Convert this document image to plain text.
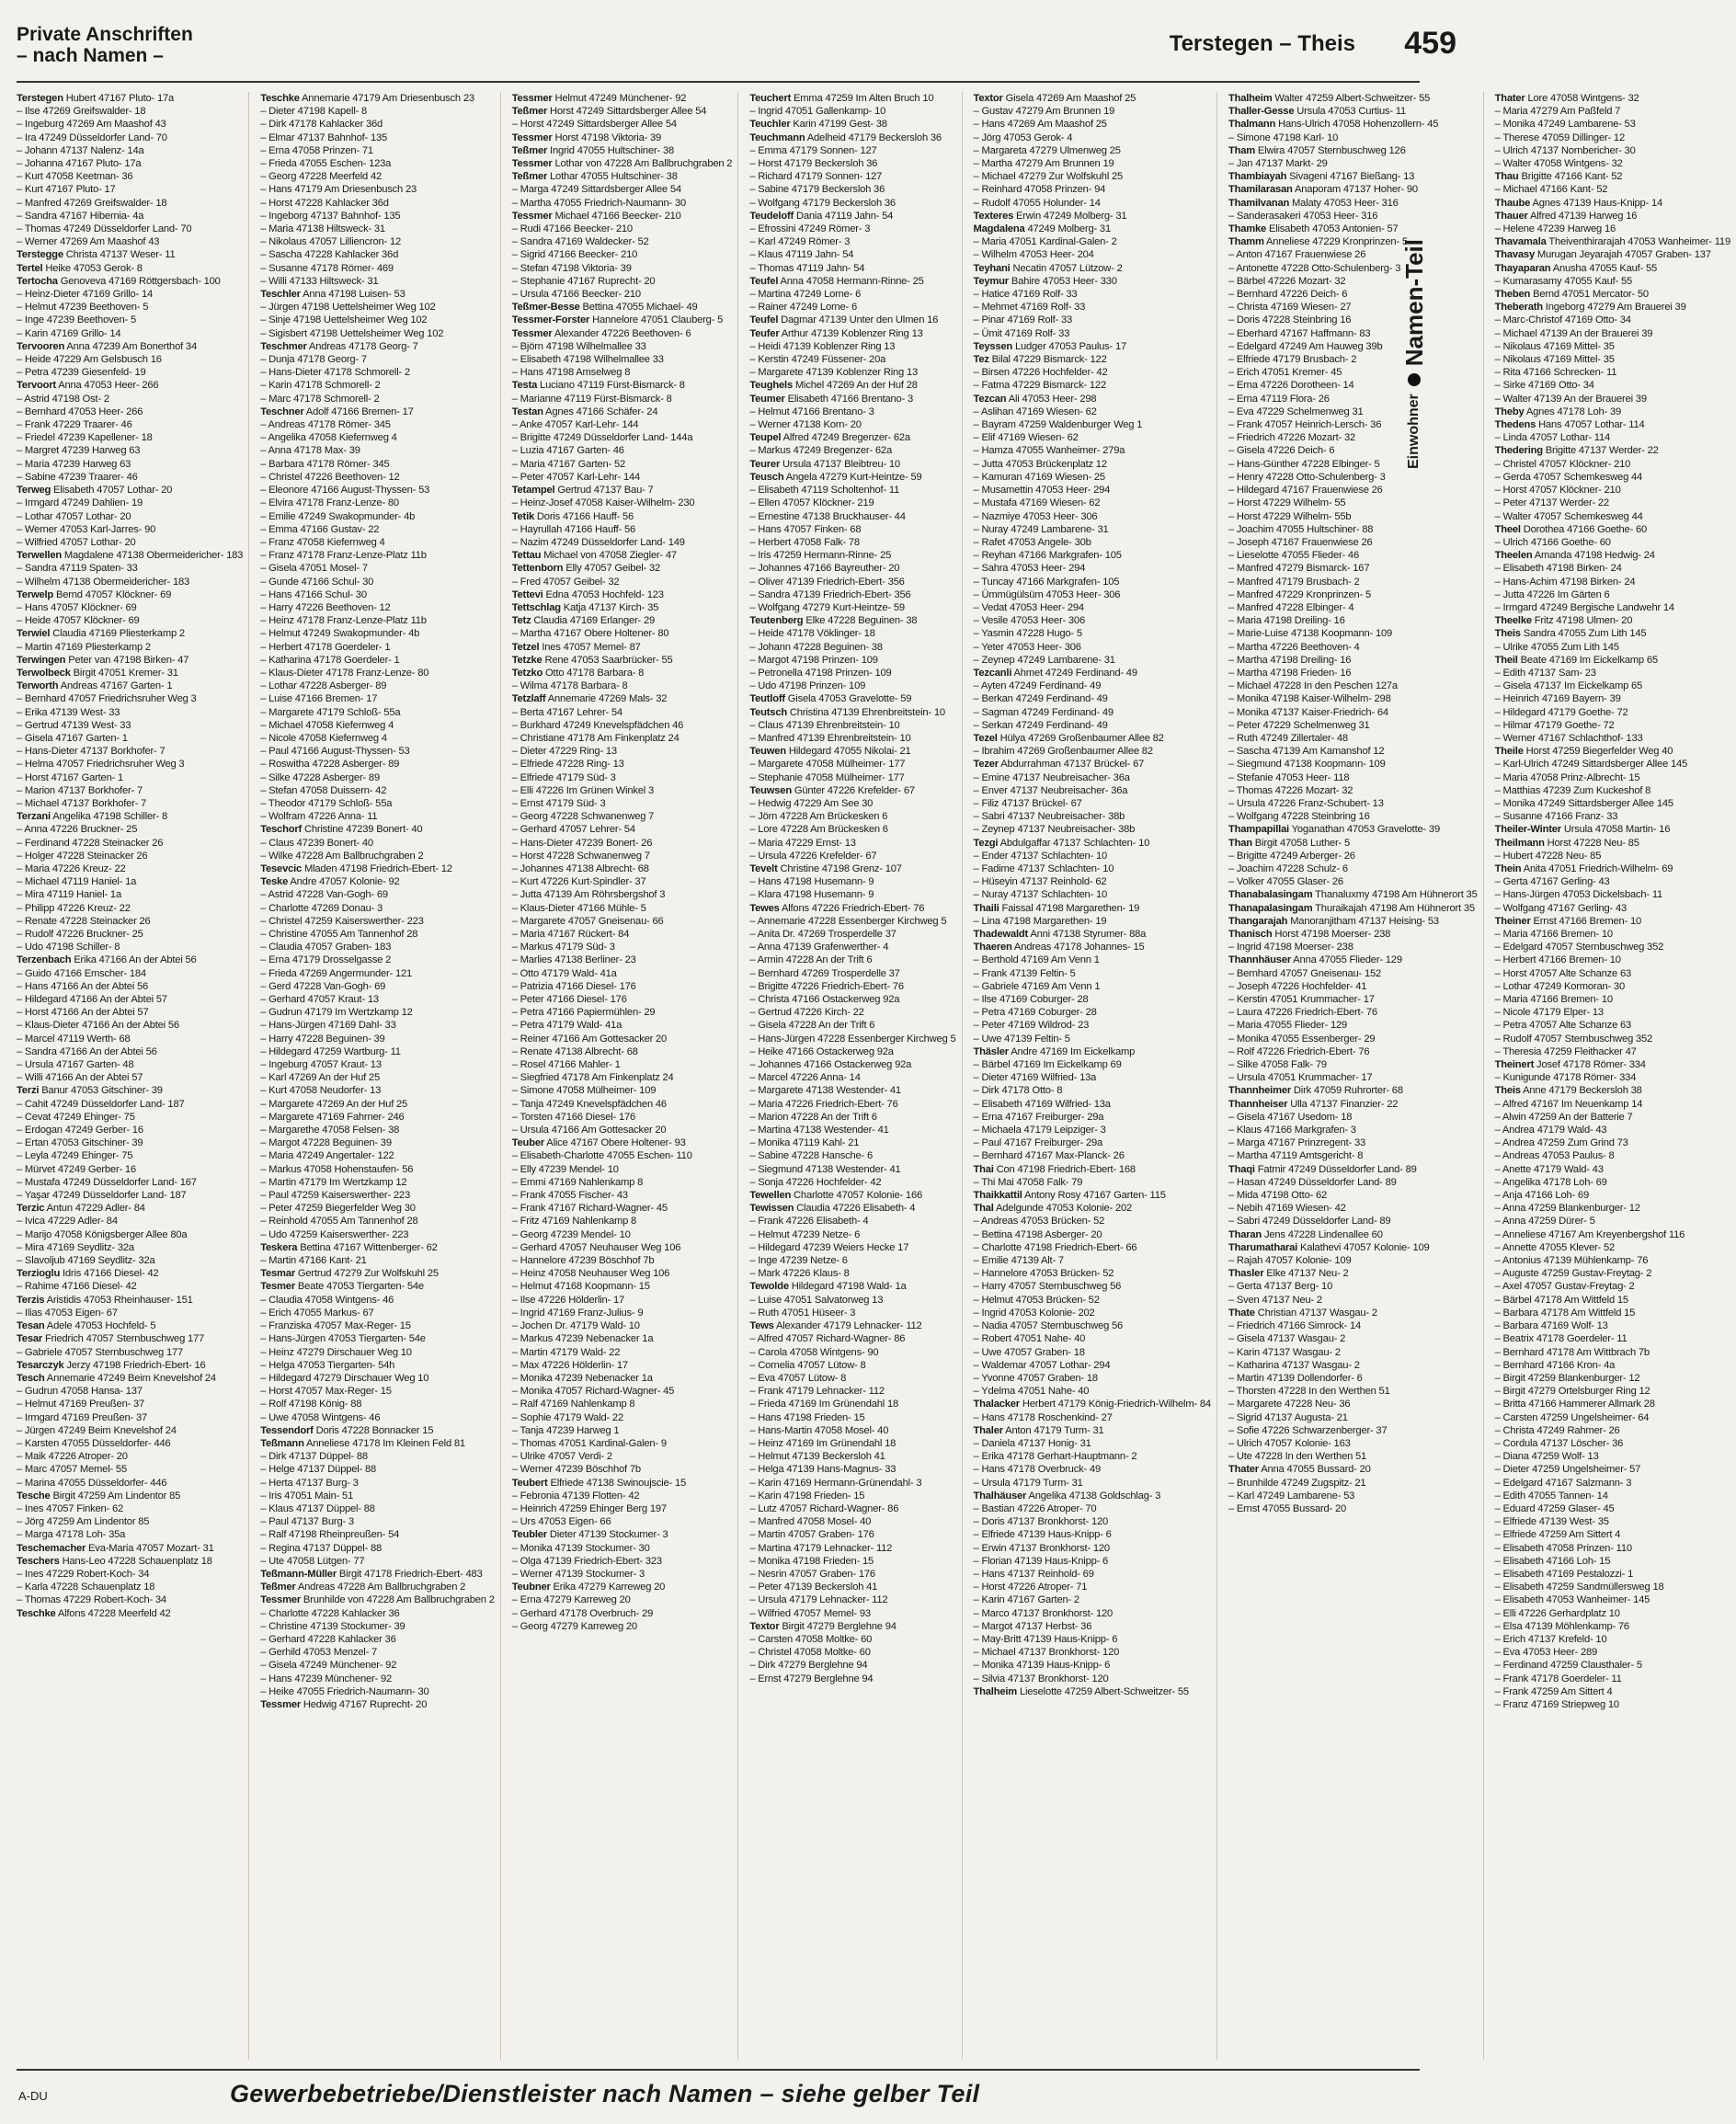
Private Anschriften
– nach Namen –	Terstegen – Theis 459
Terstegen Hubert 47167 Pluto- 17a
– Ilse 47269 Greifswalder- 18
– Ingeburg 47269 Am Maashof 43
– Ira 47249 Düsseldorfer Land- 70
– Johann 47137 Nalenz- 14a
– Johanna 47167 Pluto- 17a
– Kurt 47058 Keetman- 36
– Kurt 47167 Pluto- 17
– Manfred 47269 Greifswalder- 18
– Sandra 47167 Hibernia- 4a
– Thomas 47249 Düsseldorfer Land- 70
– Werner 47269 Am Maashof 43
Terstegge Christa 47137 Weser- 11
Tertel Heike 47053 Gerok- 8
Tertocha Genoveva 47169 Röttgersbach- 100
– Heinz-Dieter 47169 Grillo- 14
– Helmut 47239 Beethoven- 5
– Inge 47239 Beethoven- 5
– Karin 47169 Grillo- 14
Tervooren Anna 47239 Am Bonerthof 34
– Heide 47229 Am Gelsbusch 16
– Petra 47239 Giesenfeld- 19
Tervoort Anna 47053 Heer- 266
– Astrid 47198 Ost- 2
– Bernhard 47053 Heer- 266
– Frank 47229 Traarer- 46
– Friedel 47239 Kapellener- 18
– Margret 47239 Harweg 63
– Maria 47239 Harweg 63
– Sabine 47239 Traarer- 46
Terweg Elisabeth 47057 Lothar- 20
– Irmgard 47249 Dahlien- 19
– Lothar 47057 Lothar- 20
– Werner 47053 Karl-Jarres- 90
– Wilfried 47057 Lothar- 20
Terwellen Magdalene 47138 Obermeidericher- 183
– Sandra 47119 Spaten- 33
– Wilhelm 47138 Obermeidericher- 183
Terwelp Bernd 47057 Klöckner- 69
– Hans 47057 Klöckner- 69
– Heide 47057 Klöckner- 69
Terwiel Claudia 47169 Pliesterkamp 2
– Martin 47169 Pliesterkamp 2
Terwingen Peter van 47198 Birken- 47
Terwolbeck Birgit 47051 Kremer- 31
Terworth Andreas 47167 Garten- 1
– Bernhard 47057 Friedrichsruher Weg 3
– Erika 47139 West- 33
– Gertrud 47139 West- 33
– Gisela 47167 Garten- 1
– Hans-Dieter 47137 Borkhofer- 7
– Helma 47057 Friedrichsruher Weg 3
– Horst 47167 Garten- 1
– Marion 47137 Borkhofer- 7
– Michael 47137 Borkhofer- 7
Terzani Angelika 47198 Schiller- 8
– Anna 47226 Bruckner- 25
– Ferdinand 47228 Steinacker 26
– Holger 47228 Steinacker 26
– Maria 47226 Kreuz- 22
– Michael 47119 Haniel- 1a
– Mira 47119 Haniel- 1a
– Philipp 47226 Kreuz- 22
– Renate 47228 Steinacker 26
– Rudolf 47226 Bruckner- 25
– Udo 47198 Schiller- 8
Terzenbach Erika 47166 An der Abtei 56
– Guido 47166 Emscher- 184
– Hans 47166 An der Abtei 56
– Hildegard 47166 An der Abtei 57
– Horst 47166 An der Abtei 57
– Klaus-Dieter 47166 An der Abtei 56
– Marcel 47119 Werth- 68
– Sandra 47166 An der Abtei 56
– Ursula 47167 Garten- 48
– Willi 47166 An der Abtei 57
Terzi Banur 47053 Gitschiner- 39
– Cahit 47249 Düsseldorfer Land- 187
– Cevat 47249 Ehinger- 75
– Erdogan 47249 Gerber- 16
– Ertan 47053 Gitschiner- 39
– Leyla 47249 Ehinger- 75
– Mürvet 47249 Gerber- 16
– Mustafa 47249 Düsseldorfer Land- 167
– Yaşar 47249 Düsseldorfer Land- 187
Terzic Antun 47229 Adler- 84
– Ivica 47229 Adler- 84
– Marijo 47058 Königsberger Allee 80a
– Mira 47169 Seydlitz- 32a
– Slavoljub 47169 Seydlitz- 32a
Terzioglu Idris 47166 Diesel- 42
– Rahime 47166 Diesel- 42
Terzis Aristidis 47053 Rheinhauser- 151
– Ilias 47053 Eigen- 67
Tesan Adele 47053 Hochfeld- 5
Tesar Friedrich 47057 Sternbuschweg 177
– Gabriele 47057 Sternbuschweg 177
Tesarczyk Jerzy 47198 Friedrich-Ebert- 16
Tesch Annemarie 47249 Beim Knevelshof 24
– Gudrun 47058 Hansa- 137
– Helmut 47169 Preußen- 37
– Irmgard 47169 Preußen- 37
– Jürgen 47249 Beim Knevelshof 24
– Karsten 47055 Düsseldorfer- 446
– Maik 47226 Atroper- 20
– Marc 47057 Memel- 55
– Marina 47055 Düsseldorfer- 446
Tesche Birgit 47259 Am Lindentor 85
– Ines 47057 Finken- 62
– Jörg 47259 Am Lindentor 85
– Marga 47178 Loh- 35a
Teschemacher Eva-Maria 47057 Mozart- 31
Teschers Hans-Leo 47228 Schauenplatz 18
– Ines 47229 Robert-Koch- 34
– Karla 47228 Schauenplatz 18
– Thomas 47229 Robert-Koch- 34
Teschke Alfons 47228 Meerfeld 42
Teschke Annemarie 47179 Am Driesenbusch 23
– Dieter 47198 Kapell- 8
– Dirk 47178 Kahlacker 36d
– Elmar 47137 Bahnhof- 135
– Erna 47058 Prinzen- 71
– Frieda 47055 Eschen- 123a
– Georg 47228 Meerfeld 42
– Hans 47179 Am Driesenbusch 23
– Horst 47228 Kahlacker 36d
– Ingeborg 47137 Bahnhof- 135
– Maria 47138 Hiltsweck- 31
– Nikolaus 47057 Lilliencron- 12
– Sascha 47228 Kahlacker 36d
– Susanne 47178 Römer- 469
– Willi 47133 Hiltsweck- 31
Teschler Anna 47198 Luisen- 53
– Jürgen 47198 Uettelsheimer Weg 102
– Sinje 47198 Uettelsheimer Weg 102
– Sigisbert 47198 Uettelsheimer Weg 102
Teschmer Andreas 47178 Georg- 7
– Dunja 47178 Georg- 7
– Hans-Dieter 47178 Schmorell- 2
– Karin 47178 Schmorell- 2
– Marc 47178 Schmorell- 2
Teschner Adolf 47166 Bremen- 17
– Andreas 47178 Römer- 345
– Angelika 47058 Kiefernweg 4
– Anna 47178 Max- 39
– Barbara 47178 Römer- 345
– Christel 47226 Beethoven- 12
– Eleonore 47166 August-Thyssen- 53
– Elvira 47178 Franz-Lenze- 80
– Emilie 47249 Swakopmunder- 4b
– Emma 47166 Gustav- 22
– Franz 47058 Kiefernweg 4
– Franz 47178 Franz-Lenze-Platz 11b
– Gisela 47051 Mosel- 7
– Gunde 47166 Schul- 30
– Hans 47166 Schul- 30
– Harry 47226 Beethoven- 12
– Heinz 47178 Franz-Lenze-Platz 11b
– Helmut 47249 Swakopmunder- 4b
– Herbert 47178 Goerdeler- 1
– Katharina 47178 Goerdeler- 1
– Klaus-Dieter 47178 Franz-Lenze- 80
– Lothar 47228 Asberger- 89
– Luise 47166 Bremen- 17
– Margarete 47179 Schloß- 55a
– Michael 47058 Kiefernweg 4
– Nicole 47058 Kiefernweg 4
– Paul 47166 August-Thyssen- 53
– Roswitha 47228 Asberger- 89
– Silke 47228 Asberger- 89
– Stefan 47058 Duissern- 42
– Theodor 47179 Schloß- 55a
– Wolfram 47226 Anna- 11
Teschorf Christine 47239 Bonert- 40
– Claus 47239 Bonert- 40
– Wilke 47228 Am Ballbruchgraben 2
Tesevcic Mladen 47198 Friedrich-Ebert- 12
Teske Andre 47057 Kolonie- 92
– Astrid 47228 Van-Gogh- 69
– Charlotte 47269 Donau- 3
– Christel 47259 Kaiserswerther- 223
– Christine 47055 Am Tannenhof 28
– Claudia 47057 Graben- 183
– Erna 47179 Drosselgasse 2
– Frieda 47269 Angermunder- 121
– Gerd 47228 Van-Gogh- 69
– Gerhard 47057 Kraut- 13
– Gudrun 47179 Im Wertzkamp 12
– Hans-Jürgen 47169 Dahl- 33
– Harry 47228 Beguinen- 39
– Hildegard 47259 Wartburg- 11
– Ingeburg 47057 Kraut- 13
– Karl 47269 An der Huf 25
– Kurt 47058 Neudorfer- 13
– Margarete 47269 An der Huf 25
– Margarete 47169 Fahrner- 246
– Margarethe 47058 Felsen- 38
– Margot 47228 Beguinen- 39
– Maria 47249 Angertaler- 122
– Markus 47058 Hohenstaufen- 56
– Martin 47179 Im Wertzkamp 12
– Paul 47259 Kaiserswerther- 223
– Peter 47259 Biegerfelder Weg 30
– Reinhold 47055 Am Tannenhof 28
– Udo 47259 Kaiserswerther- 223
Teskera Bettina 47167 Wittenberger- 62
– Martin 47166 Kant- 21
Tesmar Gertrud 47279 Zur Wolfskuhl 25
Tesmer Beate 47053 Tiergarten- 54e
– Claudia 47058 Wintgens- 46
– Erich 47055 Markus- 67
– Franziska 47057 Max-Reger- 15
– Hans-Jürgen 47053 Tiergarten- 54e
– Heinz 47279 Dirschauer Weg 10
– Helga 47053 Tiergarten- 54h
– Hildegard 47279 Dirschauer Weg 10
– Horst 47057 Max-Reger- 15
– Rolf 47198 König- 88
– Uwe 47058 Wintgens- 46
Tessendorf Doris 47228 Bonnacker 15
Teßmann Anneliese 47178 Im Kleinen Feld 81
– Dirk 47137 Düppel- 88
– Helge 47137 Düppel- 88
– Herta 47137 Burg- 3
– Iris 47051 Main- 51
– Klaus 47137 Düppel- 88
– Paul 47137 Burg- 3
– Ralf 47198 Rheinpreußen- 54
– Regina 47137 Düppel- 88
– Ute 47058 Lütgen- 77
Teßmann-Müller Birgit 47178 Friedrich-Ebert- 483
Teßmer Andreas 47228 Am Ballbruchgraben 2
Tessmer Brunhilde von 47228 Am Ballbruchgraben 2
– Charlotte 47228 Kahlacker 36
– Christine 47139 Stockumer- 39
– Gerhard 47228 Kahlacker 36
– Gerhild 47053 Menzel- 7
– Gisela 47249 Münchener- 92
– Hans 47239 Münchener- 92
– Heike 47055 Friedrich-Naumann- 30
Tessmer Hedwig 47167 Ruprecht- 20
Tessmer Helmut 47249 Münchener- 92
Teßmer Horst 47249 Sittardsberger Allee 54
– Horst 47249 Sittardsberger Allee 54
Tessmer Horst 47198 Viktoria- 39
Teßmer Ingrid 47055 Hultschiner- 38
Tessmer Lothar von 47228 Am Ballbruchgraben 2
Teßmer Lothar 47055 Hultschiner- 38
– Marga 47249 Sittardsberger Allee 54
– Martha 47055 Friedrich-Naumann- 30
Tessmer Michael 47166 Beecker- 210
– Rudi 47166 Beecker- 210
– Sandra 47169 Waldecker- 52
– Sigrid 47166 Beecker- 210
– Stefan 47198 Viktoria- 39
– Stephanie 47167 Ruprecht- 20
– Ursula 47166 Beecker- 210
Teßmer-Besse Bettina 47055 Michael- 49
Tessmer-Forster Hannelore 47051 Clauberg- 5
Tessmer Alexander 47226 Beethoven- 6
– Björn 47198 Wilhelmallee 33
– Elisabeth 47198 Wilhelmallee 33
– Hans 47198 Amselweg 8
Testa Luciano 47119 Fürst-Bismarck- 8
– Marianne 47119 Fürst-Bismarck- 8
Testan Agnes 47166 Schäfer- 24
– Anke 47057 Karl-Lehr- 144
– Brigitte 47249 Düsseldorfer Land- 144a
– Luzia 47167 Garten- 46
– Maria 47167 Garten- 52
– Peter 47057 Karl-Lehr- 144
Tetampel Gertrud 47137 Bau- 7
– Heinz-Josef 47058 Kaiser-Wilhelm- 230
Tetik Doris 47166 Hauff- 56
– Hayrullah 47166 Hauff- 56
– Nazim 47249 Düsseldorfer Land- 149
Tettau Michael von 47058 Ziegler- 47
Tettenborn Elly 47057 Geibel- 32
– Fred 47057 Geibel- 32
Tettevi Edna 47053 Hochfeld- 123
Tettschlag Katja 47137 Kirch- 35
Tetz Claudia 47169 Erlanger- 29
– Martha 47167 Obere Holtener- 80
Tetzel Ines 47057 Memel- 87
Tetzke Rene 47053 Saarbrücker- 55
Tetzko Otto 47178 Barbara- 8
– Wilma 47178 Barbara- 8
Tetzlaff Annemarie 47269 Mals- 32
– Berta 47167 Lehrer- 54
– Burkhard 47249 Knevelspfädchen 46
– Christiane 47178 Am Finkenplatz 24
– Dieter 47229 Ring- 13
– Elfriede 47228 Ring- 13
– Elfriede 47179 Süd- 3
– Elli 47226 Im Grünen Winkel 3
– Ernst 47179 Süd- 3
– Georg 47228 Schwanenweg 7
– Gerhard 47057 Lehrer- 54
– Hans-Dieter 47239 Bonert- 26
– Horst 47228 Schwanenweg 7
– Johannes 47138 Albrecht- 68
– Kurt 47226 Kurt-Spindler- 37
– Jutta 47139 Am Röhrsbergshof 3
– Klaus-Dieter 47166 Mühle- 5
– Margarete 47057 Gneisenau- 66
– Maria 47167 Rückert- 84
– Markus 47179 Süd- 3
– Marlies 47138 Berliner- 23
– Otto 47179 Wald- 41a
– Patrizia 47166 Diesel- 176
– Peter 47166 Diesel- 176
– Petra 47166 Papiermühlen- 29
– Petra 47179 Wald- 41a
– Reiner 47166 Am Gottesacker 20
– Renate 47138 Albrecht- 68
– Rosel 47166 Mahler- 1
– Siegfried 47178 Am Finkenplatz 24
– Simone 47058 Mülheimer- 109
– Tanja 47249 Knevelspfädchen 46
– Torsten 47166 Diesel- 176
– Ursula 47166 Am Gottesacker 20
Teuber Alice 47167 Obere Holtener- 93
– Elisabeth-Charlotte 47055 Eschen- 110
– Elly 47239 Mendel- 10
– Emmi 47169 Nahlenkamp 8
– Frank 47055 Fischer- 43
– Frank 47167 Richard-Wagner- 45
– Fritz 47169 Nahlenkamp 8
– Georg 47239 Mendel- 10
– Gerhard 47057 Neuhauser Weg 106
– Hannelore 47239 Böschhof 7b
– Heinz 47058 Neuhauser Weg 106
– Helmut 47168 Koopmann- 15
– Ilse 47226 Hölderlin- 17
– Ingrid 47169 Franz-Julius- 9
– Jochen Dr. 47179 Wald- 10
– Markus 47239 Nebenacker 1a
– Martin 47179 Wald- 22
– Max 47226 Hölderlin- 17
– Monika 47239 Nebenacker 1a
– Monika 47057 Richard-Wagner- 45
– Ralf 47169 Nahlenkamp 8
– Sophie 47179 Wald- 22
– Tanja 47239 Harweg 1
– Thomas 47051 Kardinal-Galen- 9
– Ulrike 47057 Verdi- 2
– Werner 47239 Böschhof 7b
Teubert Elfriede 47138 Swinoujscie- 15
– Febronia 47139 Flotten- 42
– Heinrich 47259 Ehinger Berg 197
– Urs 47053 Eigen- 66
Teubler Dieter 47139 Stockumer- 3
– Monika 47139 Stockumer- 30
– Olga 47139 Friedrich-Ebert- 323
– Werner 47139 Stockumer- 3
Teubner Erika 47279 Karreweg 20
– Erna 47279 Karreweg 20
– Gerhard 47178 Overbruch- 29
– Georg 47279 Karreweg 20
Teuchert Emma 47259 Im Alten Bruch 10
– Ingrid 47051 Gallenkamp- 10
Teuchler Karin 47199 Gest- 38
Teuchmann Adelheid 47179 Beckersloh 36
– Emma 47179 Sonnen- 127
– Horst 47179 Beckersloh 36
– Richard 47179 Sonnen- 127
– Sabine 47179 Beckersloh 36
– Wolfgang 47179 Beckersloh 36
Teudeloff Dania 47119 Jahn- 54
– Efrossini 47249 Römer- 3
– Karl 47249 Römer- 3
– Klaus 47119 Jahn- 54
– Thomas 47119 Jahn- 54
Teufel Anna 47058 Hermann-Rinne- 25
– Martina 47249 Lorne- 6
– Rainer 47249 Lorne- 6
Teufel Dagmar 47139 Unter den Ulmen 16
Teufer Arthur 47139 Koblenzer Ring 13
– Heidi 47139 Koblenzer Ring 13
– Kerstin 47249 Füssener- 20a
– Margarete 47139 Koblenzer Ring 13
Teughels Michel 47269 An der Huf 28
Teumer Elisabeth 47166 Brentano- 3
– Helmut 47166 Brentano- 3
– Werner 47138 Korn- 20
Teupel Alfred 47249 Bregenzer- 62a
– Markus 47249 Bregenzer- 62a
Teurer Ursula 47137 Bleibtreu- 10
Teusch Angela 47279 Kurt-Heintze- 59
– Elisabeth 47119 Scholtenhof- 11
– Ellen 47057 Klöckner- 219
– Ernestine 47138 Bruckhauser- 44
– Hans 47057 Finken- 68
– Herbert 47058 Falk- 78
– Iris 47259 Hermann-Rinne- 25
– Johannes 47166 Bayreuther- 20
– Oliver 47139 Friedrich-Ebert- 356
– Sandra 47139 Friedrich-Ebert- 356
– Wolfgang 47279 Kurt-Heintze- 59
Teutenberg Elke 47228 Beguinen- 38
– Heide 47178 Vöklinger- 18
– Johann 47228 Beguinen- 38
– Margot 47198 Prinzen- 109
– Petronella 47198 Prinzen- 109
– Udo 47198 Prinzen- 109
Teutloff Gisela 47053 Gravelotte- 59
Teutsch Christina 47139 Ehrenbreitstein- 10
– Claus 47139 Ehrenbreitstein- 10
– Manfred 47139 Ehrenbreitstein- 10
Teuwen Hildegard 47055 Nikolai- 21
– Margarete 47058 Mülheimer- 177
– Stephanie 47058 Mülheimer- 177
Teuwsen Günter 47226 Krefelder- 67
– Hedwig 47229 Am See 30
– Jörn 47228 Am Brückesken 6
– Lore 47228 Am Brückesken 6
– Maria 47229 Ernst- 13
– Ursula 47226 Krefelder- 67
Tevelt Christine 47198 Grenz- 107
– Hans 47198 Husemann- 9
– Klara 47198 Husemann- 9
Tewes Alfons 47226 Friedrich-Ebert- 76
– Annemarie 47228 Essenberger Kirchweg 5
– Anita Dr. 47269 Trosperdelle 37
– Anna 47139 Grafenwerther- 4
– Armin 47228 An der Trift 6
– Bernhard 47269 Trosperdelle 37
– Brigitte 47226 Friedrich-Ebert- 76
– Christa 47166 Ostackerweg 92a
– Gertrud 47226 Kirch- 22
– Gisela 47228 An der Trift 6
– Hans-Jürgen 47228 Essenberger Kirchweg 5
– Heike 47166 Ostackerweg 92a
– Johannes 47166 Ostackerweg 92a
– Marcel 47226 Anna- 14
– Margarete 47138 Westender- 41
– Maria 47226 Friedrich-Ebert- 76
– Marion 47228 An der Trift 6
– Martina 47138 Westender- 41
– Monika 47119 Kahl- 21
– Sabine 47228 Hansche- 6
– Siegmund 47138 Westender- 41
– Sonja 47226 Hochfelder- 42
Tewellen Charlotte 47057 Kolonie- 166
Tewissen Claudia 47226 Elisabeth- 4
– Frank 47226 Elisabeth- 4
– Helmut 47239 Netze- 6
– Hildegard 47239 Weiers Hecke 17
– Inge 47239 Netze- 6
– Mark 47226 Klaus- 8
Tewolde Hildegard 47198 Wald- 1a
– Luise 47051 Salvatorweg 13
– Ruth 47051 Hüseer- 3
Tews Alexander 47179 Lehnacker- 112
– Alfred 47057 Richard-Wagner- 86
– Carola 47058 Wintgens- 90
– Cornelia 47057 Lütow- 8
– Eva 47057 Lütow- 8
– Frank 47179 Lehnacker- 112
– Frieda 47169 Im Grünendahl 18
– Hans 47198 Frieden- 15
– Hans-Martin 47058 Mosel- 40
– Heinz 47169 Im Grünendahl 18
– Helmut 47139 Beckersloh 41
– Helga 47139 Hans-Magnus- 33
– Karin 47169 Hermann-Grünendahl- 3
– Karin 47198 Frieden- 15
– Lutz 47057 Richard-Wagner- 86
– Manfred 47058 Mosel- 40
– Martin 47057 Graben- 176
– Martina 47179 Lehnacker- 112
– Monika 47198 Frieden- 15
– Nesrin 47057 Graben- 176
– Peter 47139 Beckersloh 41
– Ursula 47179 Lehnacker- 112
– Wilfried 47057 Memel- 93
Textor Birgit 47279 Berglehne 94
– Carsten 47058 Moltke- 60
– Christel 47058 Moltke- 60
– Dirk 47279 Berglehne 94
– Ernst 47279 Berglehne 94
Textor Gisela 47269 Am Maashof 25
– Gustav 47279 Am Brunnen 19
– Hans 47269 Am Maashof 25
– Jörg 47053 Gerok- 4
– Margareta 47279 Ulmenweg 25
– Martha 47279 Am Brunnen 19
– Michael 47279 Zur Wolfskuhl 25
– Reinhard 47058 Prinzen- 94
– Rudolf 47055 Holunder- 14
Texteres Erwin 47249 Molberg- 31
Magdalena 47249 Molberg- 31
– Maria 47051 Kardinal-Galen- 2
– Wilhelm 47053 Heer- 204
Teyhani Necatin 47057 Lützow- 2
Teymur Bahire 47053 Heer- 330
– Hatice 47169 Rolf- 33
– Mehmet 47169 Rolf- 33
– Pinar 47169 Rolf- 33
– Ümit 47169 Rolf- 33
Teyssen Ludger 47053 Paulus- 17
Tez Bilal 47229 Bismarck- 122
– Birsen 47226 Hochfelder- 42
– Fatma 47229 Bismarck- 122
Tezcan Ali 47053 Heer- 298
– Aslihan 47169 Wiesen- 62
– Bayram 47259 Waldenburger Weg 1
– Elif 47169 Wiesen- 62
– Hamza 47055 Wanheimer- 279a
– Jutta 47053 Brückenplatz 12
– Kamuran 47169 Wiesen- 25
– Musamettin 47053 Heer- 294
– Mustafa 47169 Wiesen- 62
– Nazmiye 47053 Heer- 306
– Nuray 47249 Lambarene- 31
– Rafet 47053 Angele- 30b
– Reyhan 47166 Markgrafen- 105
– Sahra 47053 Heer- 294
– Tuncay 47166 Markgrafen- 105
– Ümmügülsüm 47053 Heer- 306
– Vedat 47053 Heer- 294
– Vesile 47053 Heer- 306
– Yasmin 47228 Hugo- 5
– Yeter 47053 Heer- 306
– Zeynep 47249 Lambarene- 31
Tezcanli Ahmet 47249 Ferdinand- 49
– Ayten 47249 Ferdinand- 49
– Berkan 47249 Ferdinand- 49
– Sagman 47249 Ferdinand- 49
– Serkan 47249 Ferdinand- 49
Tezel Hülya 47269 Großenbaumer Allee 82
– Ibrahim 47269 Großenbaumer Allee 82
Tezer Abdurrahman 47137 Brückel- 67
– Emine 47137 Neubreisacher- 36a
– Enver 47137 Neubreisacher- 36a
– Filiz 47137 Brückel- 67
– Sabri 47137 Neubreisacher- 38b
– Zeynep 47137 Neubreisacher- 38b
Tezgi Abdulgaffar 47137 Schlachten- 10
– Ender 47137 Schlachten- 10
– Fadime 47137 Schlachten- 10
– Hüseyin 47137 Reinhold- 62
– Nuray 47137 Schlachten- 10
Thaili Faissal 47198 Margarethen- 19
– Lina 47198 Margarethen- 19
Thadewaldt Anni 47138 Styrumer- 88a
Thaeren Andreas 47178 Johannes- 15
– Berthold 47169 Am Venn 1
– Frank 47139 Feltin- 5
– Gabriele 47169 Am Venn 1
– Ilse 47169 Coburger- 28
– Petra 47169 Coburger- 28
– Peter 47169 Wildrod- 23
– Uwe 47139 Feltin- 5
Thäsler Andre 47169 Im Eickelkamp
– Bärbel 47169 Im Eickelkamp 69
– Dieter 47169 Wilfried- 13a
– Dirk 47178 Otto- 8
– Elisabeth 47169 Wilfried- 13a
– Erna 47167 Freiburger- 29a
– Michaela 47179 Leipziger- 3
– Paul 47167 Freiburger- 29a
– Bernhard 47167 Max-Planck- 26
Thai Con 47198 Friedrich-Ebert- 168
– Thi Mai 47058 Falk- 79
Thaikkattil Antony Rosy 47167 Garten- 115
Thal Adelgunde 47053 Kolonie- 202
– Andreas 47053 Brücken- 52
– Bettina 47198 Asberger- 20
– Charlotte 47198 Friedrich-Ebert- 66
– Emilie 47139 Alt- 7
– Hannelore 47053 Brücken- 52
– Harry 47057 Sternbuschweg 56
– Helmut 47053 Brücken- 52
– Ingrid 47053 Kolonie- 202
– Nadia 47057 Sternbuschweg 56
– Robert 47051 Nahe- 40
– Uwe 47057 Graben- 18
– Waldemar 47057 Lothar- 294
– Yvonne 47057 Graben- 18
– Ydelma 47051 Nahe- 40
Thalacker Herbert 47179 König-Friedrich-Wilhelm- 84
– Hans 47178 Roschenkind- 27
Thaler Anton 47179 Turm- 31
– Daniela 47137 Honig- 31
– Erika 47178 Gerhart-Hauptmann- 2
– Hans 47178 Overbruck- 49
– Ursula 47179 Turm- 31
Thalhäuser Angelika 47138 Goldschlag- 3
– Bastian 47226 Atroper- 70
– Doris 47137 Bronkhorst- 120
– Elfriede 47139 Haus-Knipp- 6
– Erwin 47137 Bronkhorst- 120
– Florian 47139 Haus-Knipp- 6
– Hans 47137 Reinhold- 69
– Horst 47226 Atroper- 71
– Karin 47167 Garten- 2
– Marco 47137 Bronkhorst- 120
– Margot 47137 Herbst- 36
– May-Britt 47139 Haus-Knipp- 6
– Michael 47137 Bronkhorst- 120
– Monika 47139 Haus-Knipp- 6
– Silvia 47137 Bronkhorst- 120
Thalheim Lieselotte 47259 Albert-Schweitzer- 55
Thalheim Walter 47259 Albert-Schweitzer- 55
Thaller-Gesse Ursula 47053 Curtius- 11
Thalmann Hans-Ulrich 47058 Hohenzollern- 45
– Simone 47198 Karl- 10
Tham Elwira 47057 Sternbuschweg 126
– Jan 47137 Markt- 29
Thambiayah Sivageni 47167 Bießang- 13
Thamilarasan Anaporam 47137 Hoher- 90
Thamilvanan Malaty 47053 Heer- 316
– Sanderasakeri 47053 Heer- 316
Thamke Elisabeth 47053 Antonien- 57
Thamm Anneliese 47229 Kronprinzen- 5
– Anton 47167 Frauenwiese 26
– Antonette 47228 Otto-Schulenberg- 3
– Bärbel 47226 Mozart- 32
– Bernhard 47226 Deich- 6
– Christa 47169 Wiesen- 27
– Doris 47228 Steinbring 16
– Eberhard 47167 Haffmann- 83
– Edelgard 47249 Am Hauweg 39b
– Elfriede 47179 Brusbach- 2
– Erich 47051 Kremer- 45
– Erna 47226 Dorotheen- 14
– Erna 47119 Flora- 26
– Eva 47229 Schelmenweg 31
– Frank 47057 Heinrich-Lersch- 36
– Friedrich 47226 Mozart- 32
– Gisela 47226 Deich- 6
– Hans-Günther 47228 Elbinger- 5
– Henry 47228 Otto-Schulenberg- 3
– Hildegard 47167 Frauenwiese 26
– Horst 47229 Wilhelm- 55
– Horst 47229 Wilhelm- 55b
– Joachim 47055 Hultschiner- 88
– Joseph 47167 Frauenwiese 26
– Lieselotte 47055 Flieder- 46
– Manfred 47279 Bismarck- 167
– Manfred 47179 Brusbach- 2
– Manfred 47229 Kronprinzen- 5
– Manfred 47228 Elbinger- 4
– Maria 47198 Dreiling- 16
– Marie-Luise 47138 Koopmann- 109
– Martha 47226 Beethoven- 4
– Martha 47198 Dreiling- 16
– Martha 47198 Frieden- 16
– Michael 47228 In den Peschen 127a
– Monika 47198 Kaiser-Wilhelm- 298
– Monika 47137 Kaiser-Friedrich- 64
– Peter 47229 Schelmenweg 31
– Ruth 47249 Zillertaler- 48
– Sascha 47139 Am Kamanshof 12
– Siegmund 47138 Koopmann- 109
– Stefanie 47053 Heer- 118
– Thomas 47226 Mozart- 32
– Ursula 47226 Franz-Schubert- 13
– Wolfgang 47228 Steinbring 16
Thampapillai Yoganathan 47053 Gravelotte- 39
Than Birgit 47058 Luther- 5
– Brigitte 47249 Arberger- 26
– Joachim 47228 Schulz- 6
– Volker 47055 Glaser- 26
Thanabalasingam Thanaluxmy 47198 Am Hühnerort 35
Thanapalasingam Thuraikajah 47198 Am Hühnerort 35
Thangarajah Manoranjitham 47137 Heising- 53
Thanisch Horst 47198 Moerser- 238
– Ingrid 47198 Moerser- 238
Thannhäuser Anna 47055 Flieder- 129
– Bernhard 47057 Gneisenau- 152
– Joseph 47226 Hochfelder- 41
– Kerstin 47051 Krummacher- 17
– Laura 47226 Friedrich-Ebert- 76
– Maria 47055 Flieder- 129
– Monika 47055 Essenberger- 29
– Rolf 47226 Friedrich-Ebert- 76
– Silke 47058 Falk- 79
– Ursula 47051 Krummacher- 17
Thannheimer Dirk 47059 Ruhrorter- 68
Thannheiser Ulla 47137 Finanzier- 22
– Gisela 47167 Usedom- 18
– Klaus 47166 Markgrafen- 3
– Marga 47167 Prinzregent- 33
– Martha 47119 Amtsgericht- 8
Thaqi Fatmir 47249 Düsseldorfer Land- 89
– Hasan 47249 Düsseldorfer Land- 89
– Mida 47198 Otto- 62
– Nebih 47169 Wiesen- 42
– Sabri 47249 Düsseldorfer Land- 89
Tharan Jens 47228 Lindenallee 60
Tharumatharai Kalathevi 47057 Kolonie- 109
– Rajah 47057 Kolonie- 109
Thasler Elke 47137 Neu- 2
– Gerta 47137 Berg- 10
– Sven 47137 Neu- 2
Thate Christian 47137 Wasgau- 2
– Friedrich 47166 Simrock- 14
– Gisela 47137 Wasgau- 2
– Karin 47137 Wasgau- 2
– Katharina 47137 Wasgau- 2
– Martin 47139 Dollendorfer- 6
– Thorsten 47228 In den Werthen 51
– Margarete 47228 Neu- 36
– Sigrid 47137 Augusta- 21
– Sofie 47226 Schwarzenberger- 37
– Ulrich 47057 Kolonie- 163
– Ute 47228 In den Werthen 51
Thater Anna 47055 Bussard- 20
– Brunhilde 47249 Zugspitz- 21
– Karl 47249 Lambarene- 53
– Ernst 47055 Bussard- 20
Thater Lore 47058 Wintgens- 32
– Maria 47279 Am Paßfeld 7
– Monika 47249 Lambarene- 53
– Therese 47059 Dillinger- 12
– Ulrich 47137 Nornbericher- 30
– Walter 47058 Wintgens- 32
Thau Brigitte 47166 Kant- 52
– Michael 47166 Kant- 52
Thaube Agnes 47139 Haus-Knipp- 14
Thauer Alfred 47139 Harweg 16
– Helene 47239 Harweg 16
Thavamala Theiventhirarajah 47053 Wanheimer- 119
Thavasy Murugan Jeyarajah 47057 Graben- 137
Thayaparan Anusha 47055 Kauf- 55
– Kumarasamy 47055 Kauf- 55
Theben Bernd 47051 Mercator- 50
Theberath Ingeborg 47279 Am Brauerei 39
– Marc-Christof 47169 Otto- 34
– Michael 47139 An der Brauerei 39
– Nikolaus 47169 Mittel- 35
– Nikolaus 47169 Mittel- 35
– Rita 47166 Schrecken- 11
– Sirke 47169 Otto- 34
– Walter 47139 An der Brauerei 39
Theby Agnes 47178 Loh- 39
Thedens Hans 47057 Lothar- 114
– Linda 47057 Lothar- 114
Thedering Brigitte 47137 Werder- 22
– Christel 47057 Klöckner- 210
– Gerda 47057 Schemkesweg 44
– Horst 47057 Klöckner- 210
– Peter 47137 Werder- 22
– Walter 47057 Schemkesweg 44
Theel Dorothea 47166 Goethe- 60
– Ulrich 47166 Goethe- 60
Theelen Amanda 47198 Hedwig- 24
– Elisabeth 47198 Birken- 24
– Hans-Achim 47198 Birken- 24
– Jutta 47226 Im Gärten 6
– Irmgard 47249 Bergische Landwehr 14
Theelke Fritz 47198 Ulmen- 20
Theis Sandra 47055 Zum Lith 145
– Ulrike 47055 Zum Lith 145
Theil Beate 47169 Im Eickelkamp 65
– Edith 47137 Sam- 23
– Gisela 47137 Im Eickelkamp 65
– Heinrich 47169 Bayern- 39
– Hildegard 47179 Goethe- 72
– Hilmar 47179 Goethe- 72
– Werner 47167 Schlachthof- 133
Theile Horst 47259 Biegerfelder Weg 40
– Karl-Ulrich 47249 Sittardsberger Allee 145
– Maria 47058 Prinz-Albrecht- 15
– Matthias 47239 Zum Kuckeshof 8
– Monika 47249 Sittardsberger Allee 145
– Susanne 47166 Franz- 33
Theiler-Winter Ursula 47058 Martin- 16
Theilmann Horst 47228 Neu- 85
– Hubert 47228 Neu- 85
Thein Anita 47051 Friedrich-Wilhelm- 69
– Gerta 47167 Gerling- 43
– Hans-Jürgen 47053 Dickelsbach- 11
– Wolfgang 47167 Gerling- 43
Theiner Ernst 47166 Bremen- 10
– Maria 47166 Bremen- 10
– Edelgard 47057 Sternbuschweg 352
– Herbert 47166 Bremen- 10
– Horst 47057 Alte Schanze 63
– Lothar 47249 Kormoran- 30
– Maria 47166 Bremen- 10
– Nicole 47179 Elper- 13
– Petra 47057 Alte Schanze 63
– Rudolf 47057 Sternbuschweg 352
– Theresia 47259 Fleithacker 47
Theinert Josef 47178 Römer- 334
– Kunigunde 47178 Römer- 334
Theis Anne 47179 Beckersloh 38
– Alfred 47167 Im Neuenkamp 14
– Alwin 47259 An der Batterie 7
– Andrea 47179 Wald- 43
– Andrea 47259 Zum Grind 73
– Andreas 47053 Paulus- 8
– Anette 47179 Wald- 43
– Angelika 47178 Loh- 69
– Anja 47166 Loh- 69
– Anna 47259 Blankenburger- 12
– Anna 47259 Dürer- 5
– Anneliese 47167 Am Kreyenbergshof 116
– Annette 47055 Klever- 52
– Antonius 47139 Mühlenkamp- 76
– Auguste 47259 Gustav-Freytag- 2
– Axel 47057 Gustav-Freytag- 2
– Bärbel 47178 Am Wittfeld 15
– Barbara 47178 Am Wittfeld 15
– Barbara 47169 Wolf- 13
– Beatrix 47178 Goerdeler- 11
– Bernhard 47178 Am Wittbrach 7b
– Bernhard 47166 Kron- 4a
– Birgit 47259 Blankenburger- 12
– Birgit 47279 Ortelsburger Ring 12
– Britta 47166 Hammerer Allmark 28
– Carsten 47259 Ungelsheimer- 64
– Christa 47249 Rahmer- 26
– Cordula 47137 Löscher- 36
– Diana 47259 Wolf- 13
– Dieter 47259 Ungelsheimer- 57
– Edelgard 47167 Salzmann- 3
– Edith 47055 Tannen- 14
– Eduard 47259 Glaser- 45
– Elfriede 47139 West- 35
– Elfriede 47259 Am Sittert 4
– Elisabeth 47058 Prinzen- 110
– Elisabeth 47166 Loh- 15
– Elisabeth 47169 Pestalozzi- 1
– Elisabeth 47259 Sandmüllersweg 18
– Elisabeth 47053 Wanheimer- 145
– Elli 47226 Gerhardplatz 10
– Elsa 47139 Möhlenkamp- 76
– Erich 47137 Krefeld- 10
– Eva 47053 Heer- 289
– Ferdinand 47259 Clausthaler- 5
– Frank 47178 Goerdeler- 11
– Frank 47259 Am Sittert 4
– Franz 47169 Striepweg 10
Einwohner
Namen-Teil
A-DU	Gewerbebetriebe/Dienstleister nach Namen – siehe gelber Teil
